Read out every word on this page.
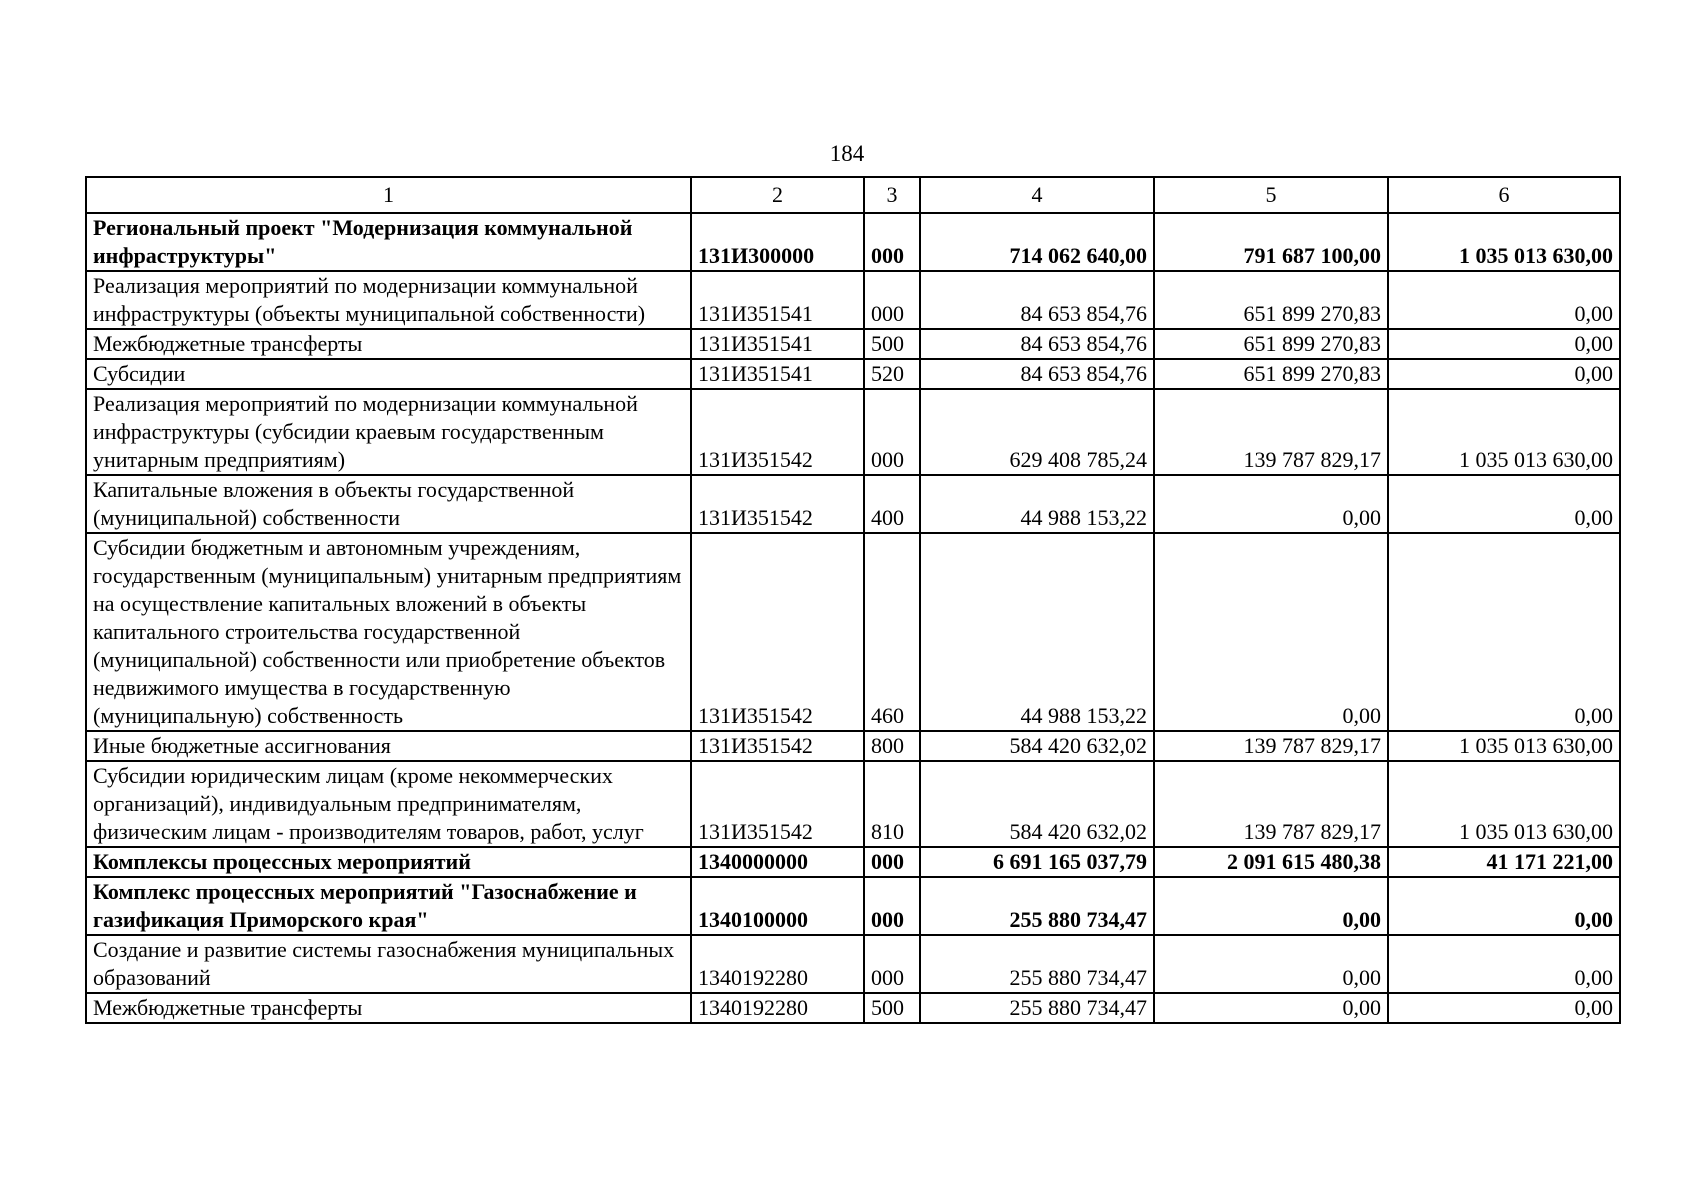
184
1	2	3	4	5	6
Региональный проект "Модернизация коммунальной инфраструктуры"	131И300000	000	714 062 640,00	791 687 100,00	1 035 013 630,00
Реализация мероприятий по модернизации коммунальной инфраструктуры (объекты муниципальной собственности)	131И351541	000	84 653 854,76	651 899 270,83	0,00
Межбюджетные трансферты	131И351541	500	84 653 854,76	651 899 270,83	0,00
Субсидии	131И351541	520	84 653 854,76	651 899 270,83	0,00
Реализация мероприятий по модернизации коммунальной инфраструктуры (субсидии краевым государственным унитарным предприятиям)	131И351542	000	629 408 785,24	139 787 829,17	1 035 013 630,00
Капитальные вложения в объекты государственной (муниципальной) собственности	131И351542	400	44 988 153,22	0,00	0,00
Субсидии бюджетным и автономным учреждениям, государственным (муниципальным) унитарным предприятиям на осуществление капитальных вложений в объекты капитального строительства государственной (муниципальной) собственности или приобретение объектов недвижимого имущества в государственную (муниципальную) собственность	131И351542	460	44 988 153,22	0,00	0,00
Иные бюджетные ассигнования	131И351542	800	584 420 632,02	139 787 829,17	1 035 013 630,00
Субсидии юридическим лицам (кроме некоммерческих организаций), индивидуальным предпринимателям, физическим лицам - производителям товаров, работ, услуг	131И351542	810	584 420 632,02	139 787 829,17	1 035 013 630,00
Комплексы процессных мероприятий	1340000000	000	6 691 165 037,79	2 091 615 480,38	41 171 221,00
Комплекс процессных мероприятий "Газоснабжение и газификация Приморского края"	1340100000	000	255 880 734,47	0,00	0,00
Создание и развитие системы газоснабжения муниципальных образований	1340192280	000	255 880 734,47	0,00	0,00
Межбюджетные трансферты	1340192280	500	255 880 734,47	0,00	0,00
